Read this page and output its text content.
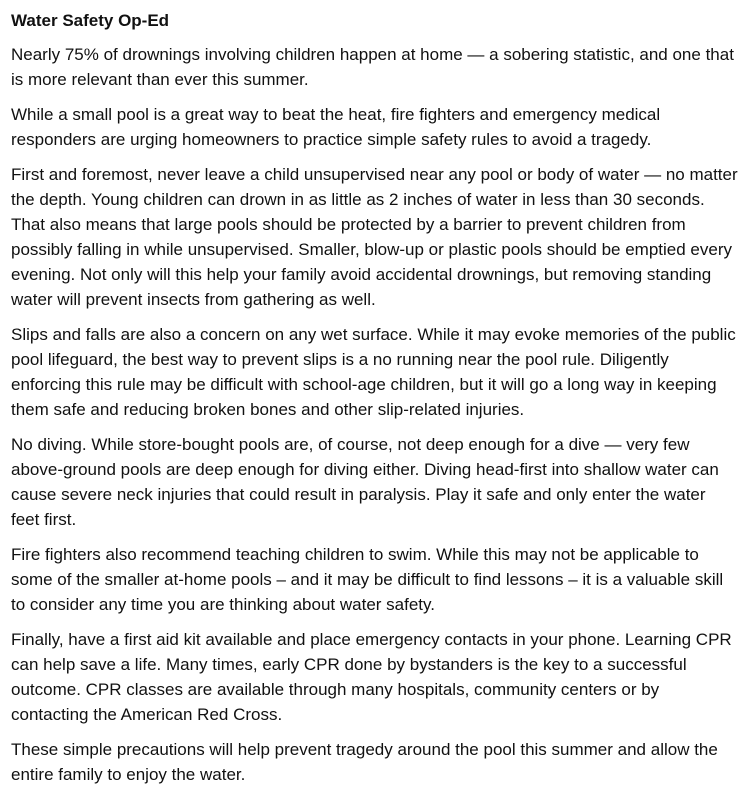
Water Safety Op-Ed

Nearly 75% of drownings involving children happen at home — a sobering statistic, and one that is more relevant than ever this summer.

While a small pool is a great way to beat the heat, fire fighters and emergency medical responders are urging homeowners to practice simple safety rules to avoid a tragedy.

First and foremost, never leave a child unsupervised near any pool or body of water — no matter the depth. Young children can drown in as little as 2 inches of water in less than 30 seconds. That also means that large pools should be protected by a barrier to prevent children from possibly falling in while unsupervised. Smaller, blow-up or plastic pools should be emptied every evening. Not only will this help your family avoid accidental drownings, but removing standing water will prevent insects from gathering as well.

Slips and falls are also a concern on any wet surface. While it may evoke memories of the public pool lifeguard, the best way to prevent slips is a no running near the pool rule. Diligently enforcing this rule may be difficult with school-age children, but it will go a long way in keeping them safe and reducing broken bones and other slip-related injuries.

No diving. While store-bought pools are, of course, not deep enough for a dive — very few above-ground pools are deep enough for diving either. Diving head-first into shallow water can cause severe neck injuries that could result in paralysis. Play it safe and only enter the water feet first.

Fire fighters also recommend teaching children to swim. While this may not be applicable to some of the smaller at-home pools – and it may be difficult to find lessons – it is a valuable skill to consider any time you are thinking about water safety.

Finally, have a first aid kit available and place emergency contacts in your phone. Learning CPR can help save a life. Many times, early CPR done by bystanders is the key to a successful outcome. CPR classes are available through many hospitals, community centers or by contacting the American Red Cross.

These simple precautions will help prevent tragedy around the pool this summer and allow the entire family to enjoy the water.
